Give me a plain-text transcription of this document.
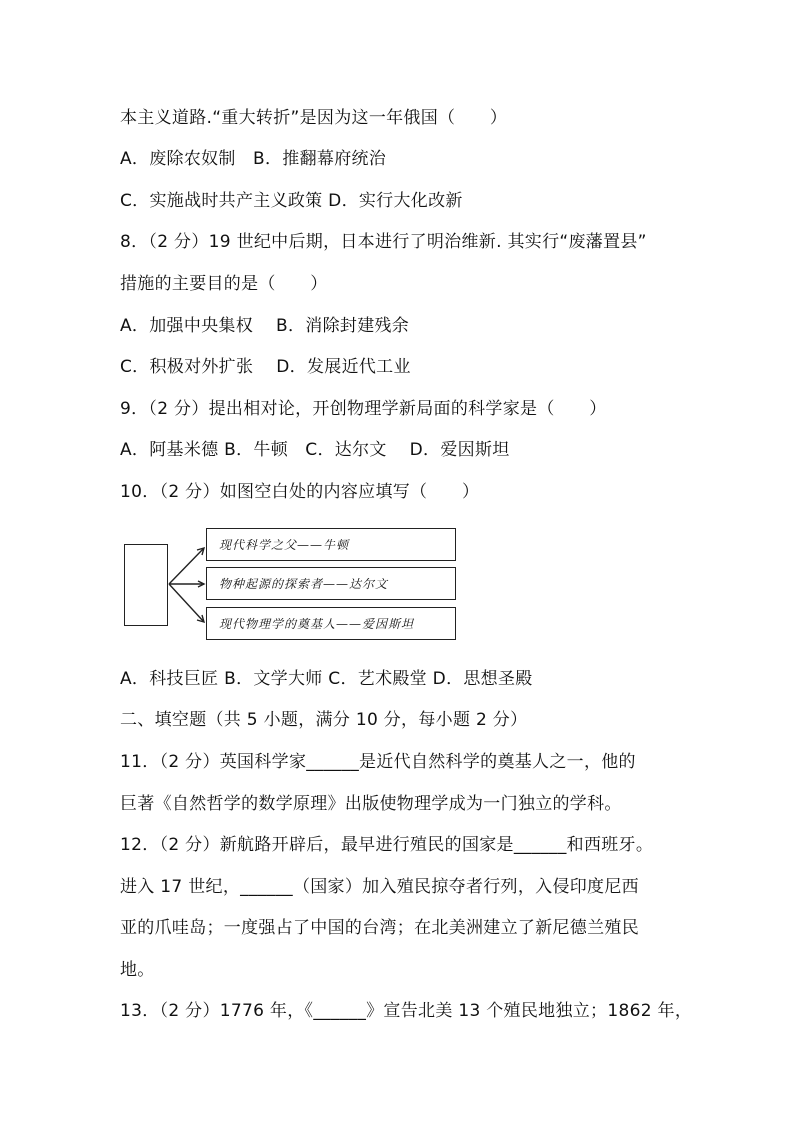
本主义道路.“重大转折”是因为这一年俄国（　　）
A．废除农奴制　B．推翻幕府统治
C．实施战时共产主义政策 D．实行大化改新
8．（2 分）19 世纪中后期，日本进行了明治维新. 其实行“废藩置县”
措施的主要目的是（　　）
A．加强中央集权　 B．消除封建残余
C．积极对外扩张　 D．发展近代工业
9．（2 分）提出相对论，开创物理学新局面的科学家是（　　）
A．阿基米德 B．牛顿　C．达尔文　 D．爱因斯坦
10．（2 分）如图空白处的内容应填写（　　）
现代科学之父——牛顿
物种起源的探索者——达尔文
现代物理学的奠基人——爱因斯坦
A．科技巨匠 B．文学大师 C．艺术殿堂 D．思想圣殿
二、填空题（共 5 小题，满分 10 分，每小题 2 分）
11．（2 分）英国科学家______是近代自然科学的奠基人之一，他的
巨著《自然哲学的数学原理》出版使物理学成为一门独立的学科。
12．（2 分）新航路开辟后，最早进行殖民的国家是______和西班牙。
进入 17 世纪，______（国家）加入殖民掠夺者行列，入侵印度尼西
亚的爪哇岛；一度强占了中国的台湾；在北美洲建立了新尼德兰殖民
地。
13．（2 分）1776 年，《______》宣告北美 13 个殖民地独立；1862 年，
